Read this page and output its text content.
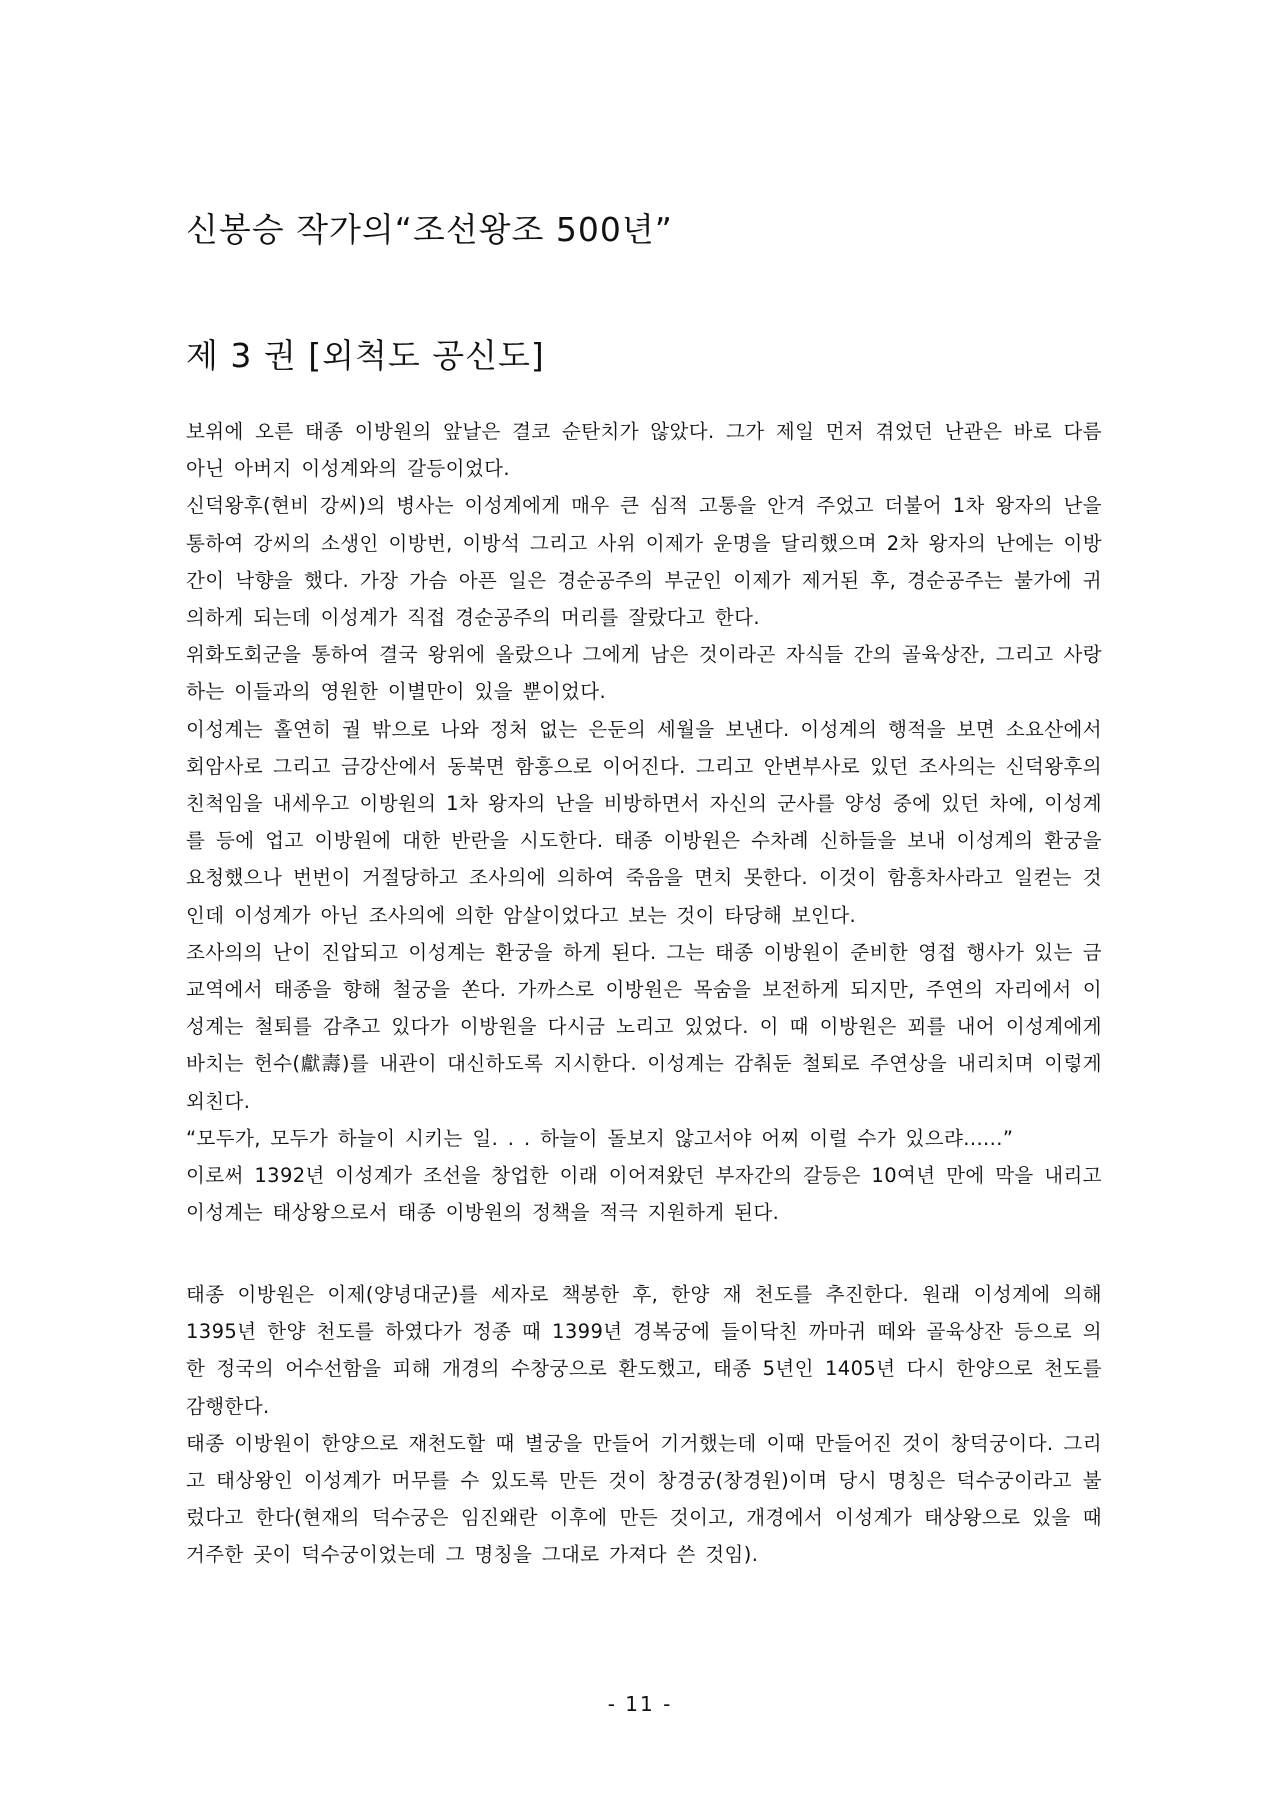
신봉승 작가의“조선왕조 500년”
제 3 권 [외척도 공신도]

보위에 오른 태종 이방원의 앞날은 결코 순탄치가 않았다. 그가 제일 먼저 겪었던 난관은 바로 다름 아닌 아버지 이성계와의 갈등이었다.

신덕왕후(현비 강씨)의 병사는 이성계에게 매우 큰 심적 고통을 안겨 주었고 더불어 1차 왕자의 난을 통하여 강씨의 소생인 이방번, 이방석 그리고 사위 이제가 운명을 달리했으며 2차 왕자의 난에는 이방간이 낙향을 했다. 가장 가슴 아픈 일은 경순공주의 부군인 이제가 제거된 후, 경순공주는 불가에 귀의하게 되는데 이성계가 직접 경순공주의 머리를 잘랐다고 한다.

위화도회군을 통하여 결국 왕위에 올랐으나 그에게 남은 것이라곤 자식들 간의 골육상잔, 그리고 사랑하는 이들과의 영원한 이별만이 있을 뿐이었다.

이성계는 홀연히 궐 밖으로 나와 정처 없는 은둔의 세월을 보낸다. 이성계의 행적을 보면 소요산에서 회암사로 그리고 금강산에서 동북면 함흥으로 이어진다. 그리고 안변부사로 있던 조사의는 신덕왕후의 친척임을 내세우고 이방원의 1차 왕자의 난을 비방하면서 자신의 군사를 양성 중에 있던 차에, 이성계를 등에 업고 이방원에 대한 반란을 시도한다. 태종 이방원은 수차례 신하들을 보내 이성계의 환궁을 요청했으나 번번이 거절당하고 조사의에 의하여 죽음을 면치 못한다. 이것이 함흥차사라고 일컫는 것인데 이성계가 아닌 조사의에 의한 암살이었다고 보는 것이 타당해 보인다.

조사의의 난이 진압되고 이성계는 환궁을 하게 된다. 그는 태종 이방원이 준비한 영접 행사가 있는 금교역에서 태종을 향해 철궁을 쏜다. 가까스로 이방원은 목숨을 보전하게 되지만, 주연의 자리에서 이성계는 철퇴를 감추고 있다가 이방원을 다시금 노리고 있었다. 이 때 이방원은 꾀를 내어 이성계에게 바치는 헌수(獻壽)를 내관이 대신하도록 지시한다. 이성계는 감춰둔 철퇴로 주연상을 내리치며 이렇게 외친다.

“모두가, 모두가 하늘이 시키는 일. . . 하늘이 돌보지 않고서야 어찌 이럴 수가 있으랴......”

이로써 1392년 이성계가 조선을 창업한 이래 이어져왔던 부자간의 갈등은 10여년 만에 막을 내리고 이성계는 태상왕으로서 태종 이방원의 정책을 적극 지원하게 된다.

태종 이방원은 이제(양녕대군)를 세자로 책봉한 후, 한양 재 천도를 추진한다. 원래 이성계에 의해 1395년 한양 천도를 하였다가 정종 때 1399년 경복궁에 들이닥친 까마귀 떼와 골육상잔 등으로 의한 정국의 어수선함을 피해 개경의 수창궁으로 환도했고, 태종 5년인 1405년 다시 한양으로 천도를 감행한다.

태종 이방원이 한양으로 재천도할 때 별궁을 만들어 기거했는데 이때 만들어진 것이 창덕궁이다. 그리고 태상왕인 이성계가 머무를 수 있도록 만든 것이 창경궁(창경원)이며 당시 명칭은 덕수궁이라고 불렀다고 한다(현재의 덕수궁은 임진왜란 이후에 만든 것이고, 개경에서 이성계가 태상왕으로 있을 때 거주한 곳이 덕수궁이었는데 그 명칭을 그대로 가져다 쓴 것임).

- 11 -
